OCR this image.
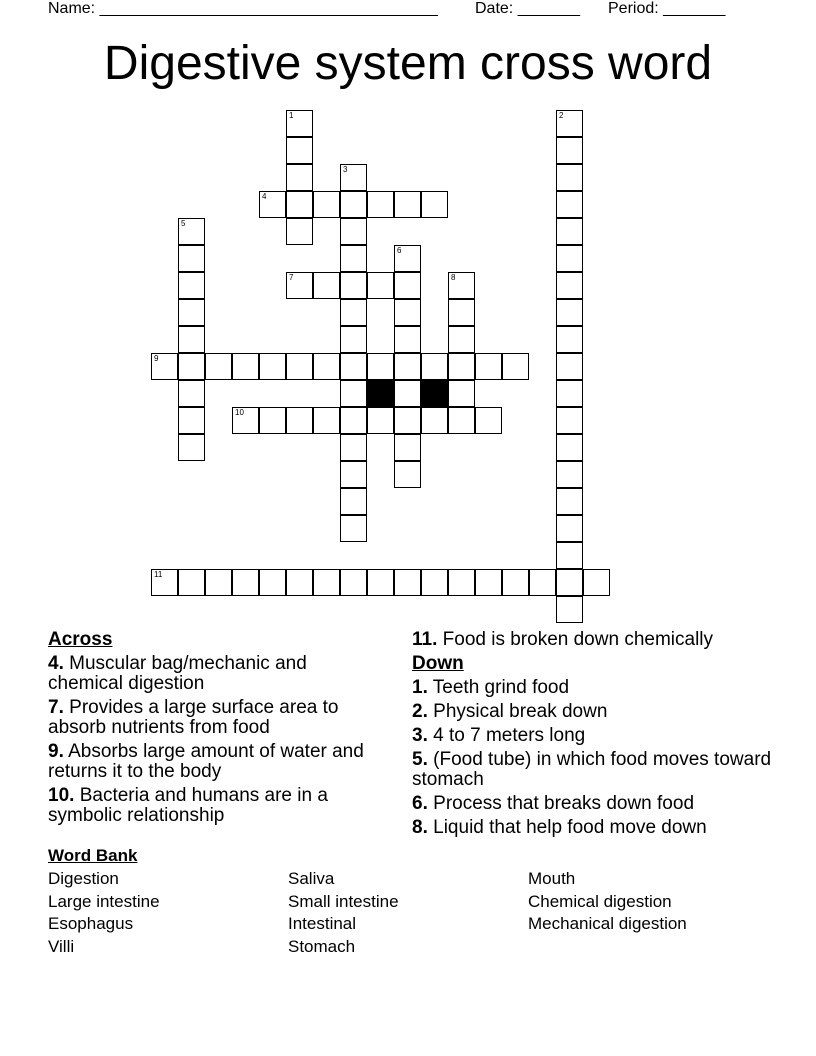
Name: ______________________________________ Date: _______ Period: _______
Digestive system cross word
1	2
3
4
5
6
7	8
9
10
11
Across
4. Muscular bag/mechanic and chemical digestion
7. Provides a large surface area to absorb nutrients from food
9. Absorbs large amount of water and returns it to the body
10. Bacteria and humans are in a symbolic relationship
11. Food is broken down chemically
Down
1. Teeth grind food
2. Physical break down
3. 4 to 7 meters long
5. (Food tube) in which food moves toward stomach
6. Process that breaks down food
8. Liquid that help food move down
Word Bank
Digestion
Large intestine
Esophagus
Villi
Saliva
Small intestine
Intestinal
Stomach
Mouth
Chemical digestion
Mechanical digestion
